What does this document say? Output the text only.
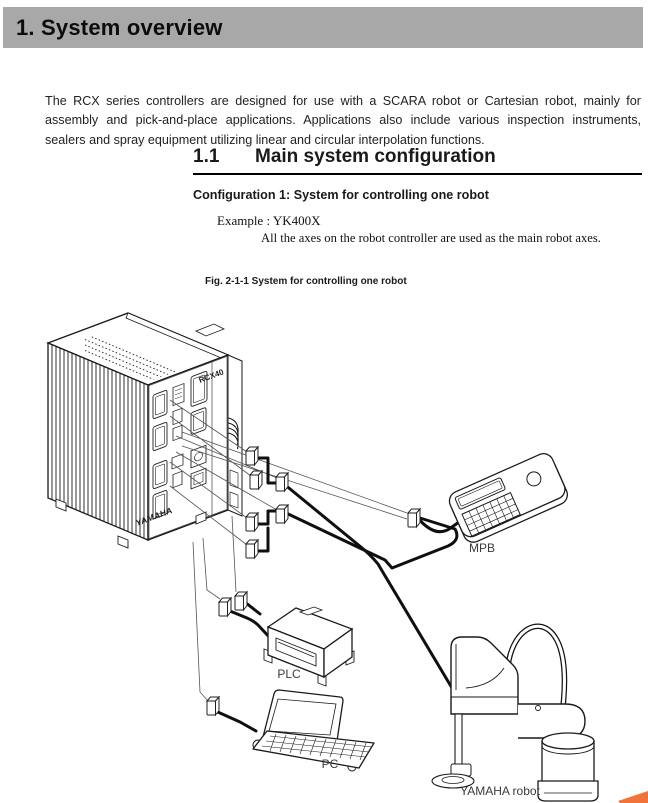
1. System overview

The RCX series controllers are designed for use with a SCARA robot or Cartesian robot, mainly for assembly and pick-and-place applications. Applications also include various inspection instruments, sealers and spray equipment utilizing linear and circular interpolation functions.

1.1	Main system configuration
Configuration 1: System for controlling one robot
Example : YK400X
All the axes on the robot controller are used as the main robot axes.
Fig. 2-1-1 System for controlling one robot
RCX40
YAMAHA
MPB
PLC
PC
YAMAHA robot
